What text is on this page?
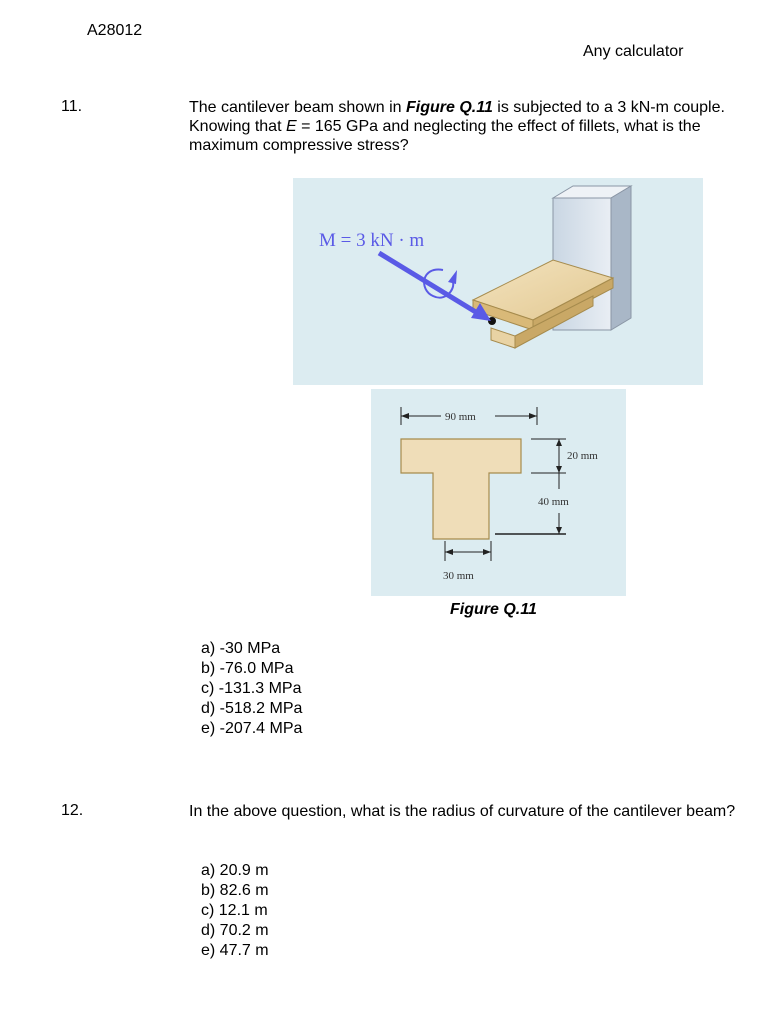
A28012
Any calculator
11.	The cantilever beam shown in Figure Q.11 is subjected to a 3 kN-m couple. Knowing that E = 165 GPa and neglecting the effect of fillets, what is the maximum compressive stress?
M = 3 kN · m
90 mm
20 mm
40 mm
30 mm
Figure Q.11
a) -30 MPa
b) -76.0 MPa
c) -131.3 MPa
d) -518.2 MPa
e) -207.4 MPa
12.	In the above question, what is the radius of curvature of the cantilever beam?
a) 20.9 m
b) 82.6 m
c) 12.1 m
d) 70.2 m
e) 47.7 m
